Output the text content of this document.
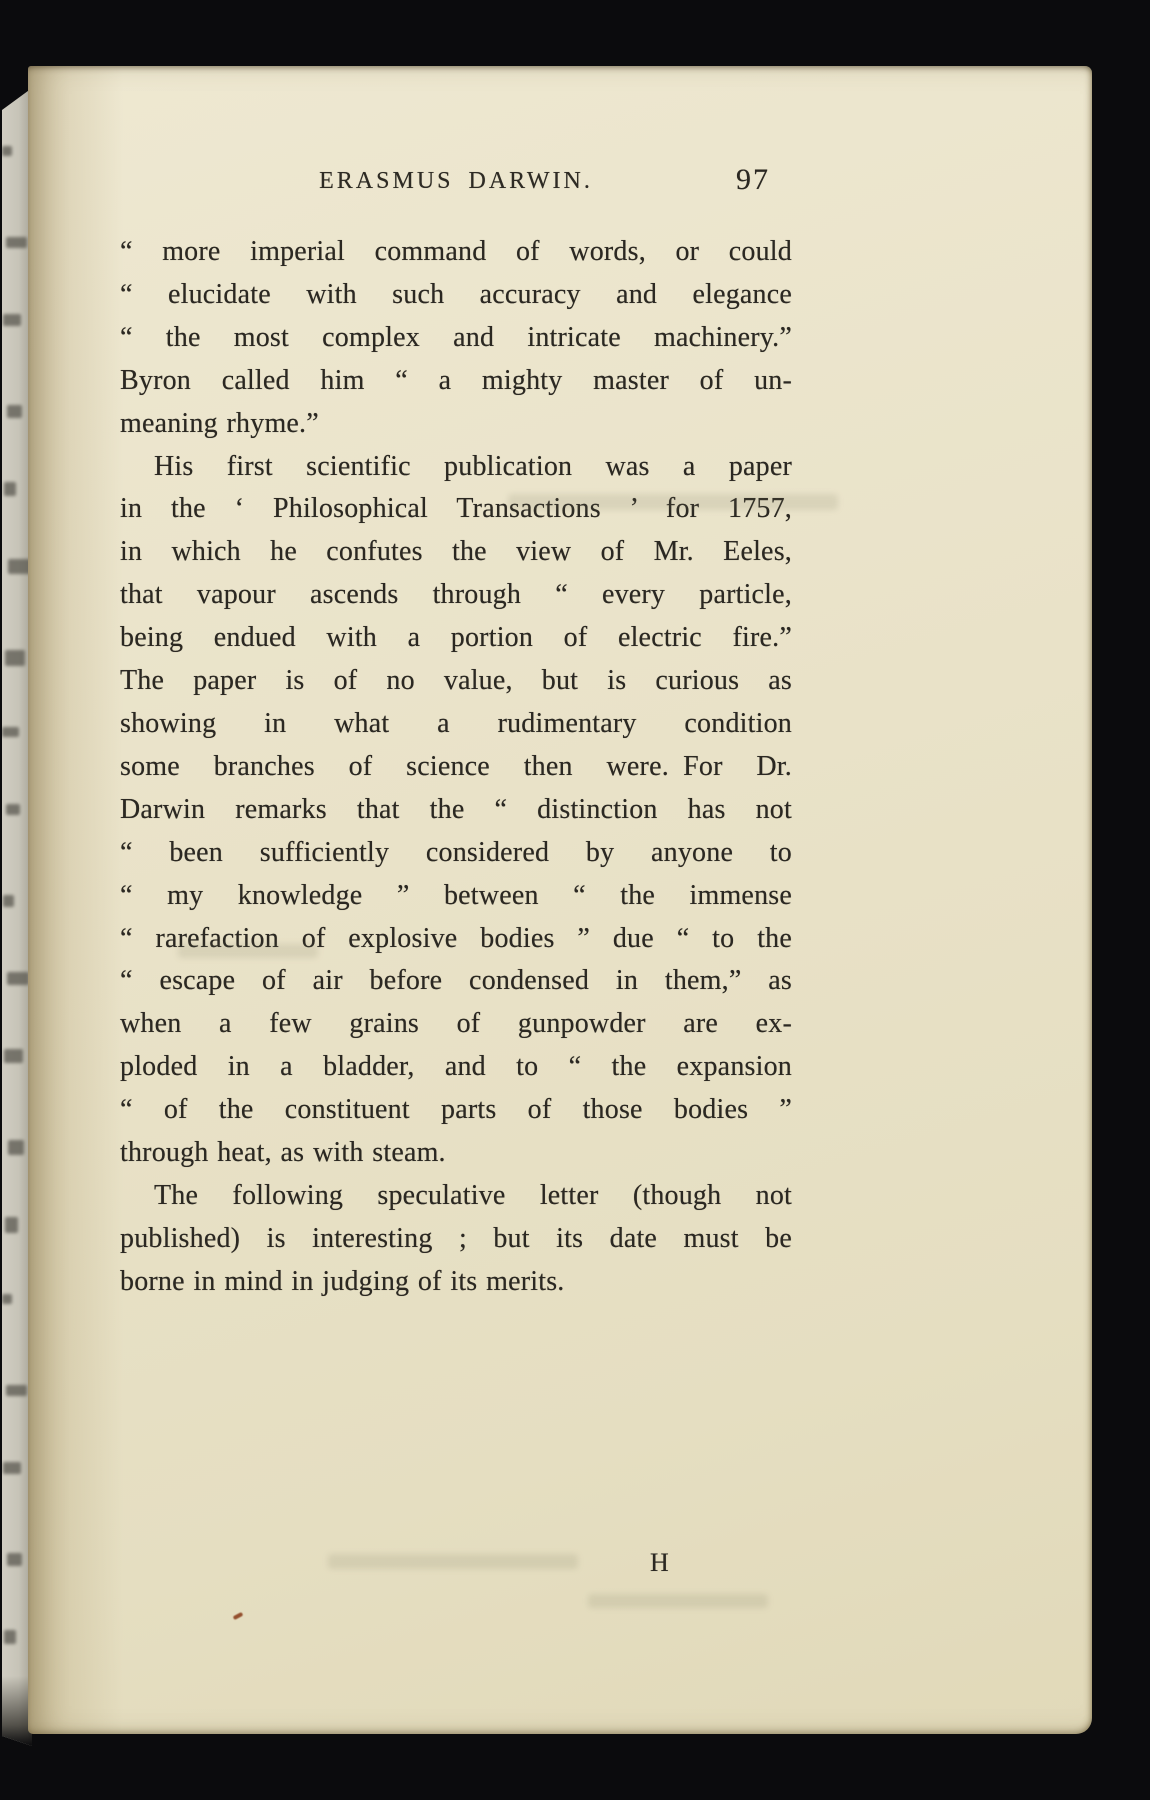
ERASMUS DARWIN.	97
“ more imperial command of words, or could
“ elucidate with such accuracy and elegance
“ the most complex and intricate machinery.”
Byron called him “ a mighty master of un-
meaning rhyme.”
His first scientific publication was a paper
in the ‘ Philosophical Transactions ’ for 1757,
in which he confutes the view of Mr. Eeles,
that vapour ascends through “ every particle,
being endued with a portion of electric fire.”
The paper is of no value, but is curious as
showing in what a rudimentary condition
some branches of science then were. For Dr.
Darwin remarks that the “ distinction has not
“ been sufficiently considered by anyone to
“ my knowledge ” between “ the immense
“ rarefaction of explosive bodies ” due “ to the
“ escape of air before condensed in them,” as
when a few grains of gunpowder are ex-
ploded in a bladder, and to “ the expansion
“ of the constituent parts of those bodies ”
through heat, as with steam.
The following speculative letter (though not
published) is interesting ; but its date must be
borne in mind in judging of its merits.
H
